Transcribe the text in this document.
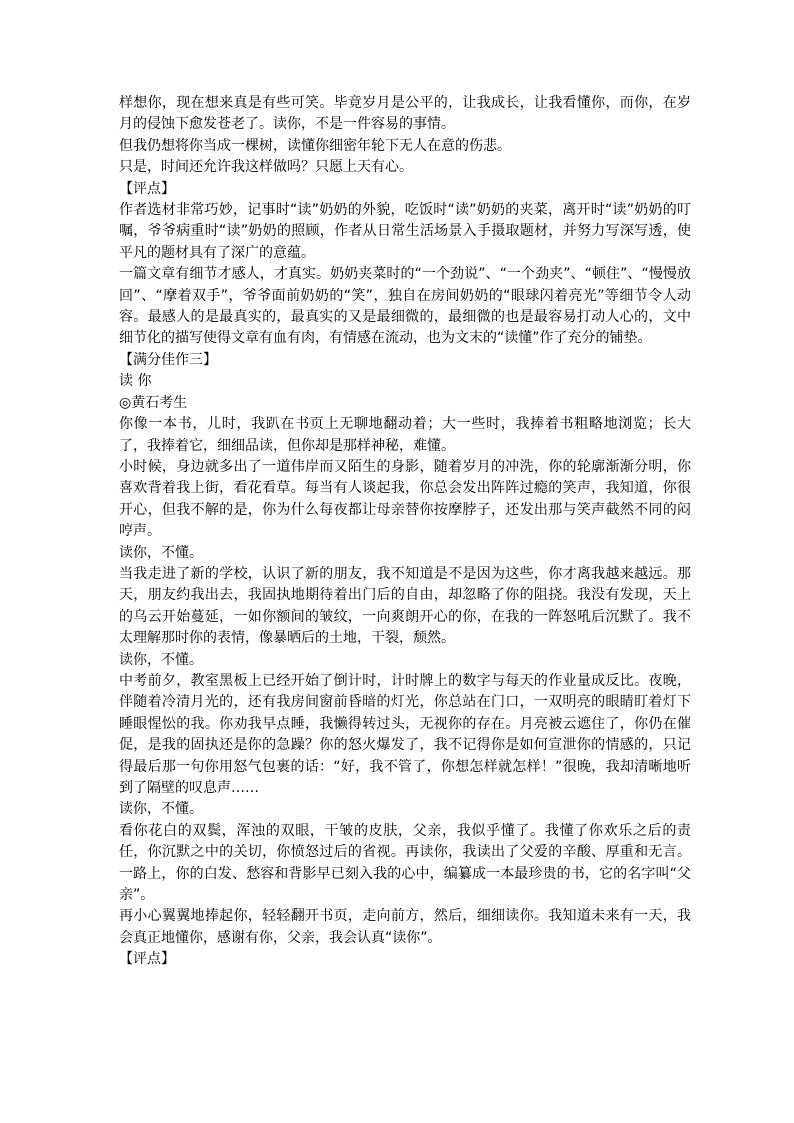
样想你，现在想来真是有些可笑。毕竟岁月是公平的，让我成长，让我看懂你，而你，在岁月的侵蚀下愈发苍老了。读你，不是一件容易的事情。

但我仍想将你当成一棵树，读懂你细密年轮下无人在意的伤悲。

只是，时间还允许我这样做吗？只愿上天有心。

【评点】

作者选材非常巧妙，记事时“读”奶奶的外貌，吃饭时“读”奶奶的夹菜，离开时“读”奶奶的叮嘱，爷爷病重时“读”奶奶的照顾，作者从日常生活场景入手摄取题材，并努力写深写透，使平凡的题材具有了深广的意蕴。

一篇文章有细节才感人，才真实。奶奶夹菜时的“一个劲说”、“一个劲夹”、“顿住”、“慢慢放回”、“摩着双手”，爷爷面前奶奶的“笑”，独自在房间奶奶的“眼球闪着亮光”等细节令人动容。最感人的是最真实的，最真实的又是最细微的，最细微的也是最容易打动人心的，文中细节化的描写使得文章有血有肉，有情感在流动，也为文末的“读懂”作了充分的铺垫。

【满分佳作三】

读 你

◎黄石考生

你像一本书，儿时，我趴在书页上无聊地翻动着；大一些时，我捧着书粗略地浏览；长大了，我捧着它，细细品读，但你却是那样神秘，难懂。

小时候，身边就多出了一道伟岸而又陌生的身影，随着岁月的冲洗，你的轮廓渐渐分明，你喜欢背着我上街，看花看草。每当有人谈起我，你总会发出阵阵过瘾的笑声，我知道，你很开心，但我不解的是，你为什么每夜都让母亲替你按摩脖子，还发出那与笑声截然不同的闷哼声。

读你，不懂。

当我走进了新的学校，认识了新的朋友，我不知道是不是因为这些，你才离我越来越远。那天，朋友约我出去，我固执地期待着出门后的自由，却忽略了你的阻挠。我没有发现，天上的乌云开始蔓延，一如你额间的皱纹，一向爽朗开心的你，在我的一阵怒吼后沉默了。我不太理解那时你的表情，像暴晒后的土地，干裂，颓然。

读你，不懂。

中考前夕，教室黑板上已经开始了倒计时，计时牌上的数字与每天的作业量成反比。夜晚，伴随着冷清月光的，还有我房间窗前昏暗的灯光，你总站在门口，一双明亮的眼睛盯着灯下睡眼惺忪的我。你劝我早点睡，我懒得转过头，无视你的存在。月亮被云遮住了，你仍在催促，是我的固执还是你的急躁？你的怒火爆发了，我不记得你是如何宣泄你的情感的，只记得最后那一句你用怒气包裹的话：“好，我不管了，你想怎样就怎样！”很晚，我却清晰地听到了隔壁的叹息声……

读你，不懂。

看你花白的双鬓，浑浊的双眼，干皱的皮肤，父亲，我似乎懂了。我懂了你欢乐之后的责任，你沉默之中的关切，你愤怒过后的省视。再读你，我读出了父爱的辛酸、厚重和无言。一路上，你的白发、愁容和背影早已刻入我的心中，编纂成一本最珍贵的书，它的名字叫“父亲”。

再小心翼翼地捧起你，轻轻翻开书页，走向前方，然后，细细读你。我知道未来有一天，我会真正地懂你，感谢有你，父亲，我会认真“读你”。

【评点】
